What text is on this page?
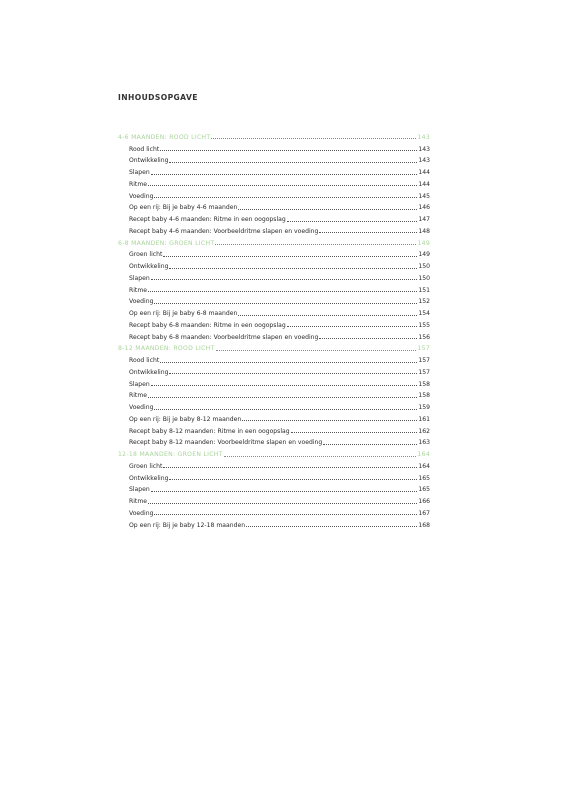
INHOUDSOPGAVE
4-6 MAANDEN: ROOD LICHT	143
Rood licht	143
Ontwikkeling	143
Slapen	144
Ritme	144
Voeding	145
Op een rij: Bij je baby 4-6 maanden	146
Recept baby 4-6 maanden: Ritme in een oogopslag	147
Recept baby 4-6 maanden: Voorbeeldritme slapen en voeding	148
6-8 MAANDEN: GROEN LICHT	149
Groen licht	149
Ontwikkeling	150
Slapen	150
Ritme	151
Voeding	152
Op een rij: Bij je baby 6-8 maanden	154
Recept baby 6-8 maanden: Ritme in een oogopslag	155
Recept baby 6-8 maanden: Voorbeeldritme slapen en voeding	156
8-12 MAANDEN: ROOD LICHT	157
Rood licht	157
Ontwikkeling	157
Slapen	158
Ritme	158
Voeding	159
Op een rij: Bij je baby 8-12 maanden	161
Recept baby 8-12 maanden: Ritme in een oogopslag	162
Recept baby 8-12 maanden: Voorbeeldritme slapen en voeding	163
12-18 MAANDEN: GROEN LICHT	164
Groen licht	164
Ontwikkeling	165
Slapen	165
Ritme	166
Voeding	167
Op een rij: Bij je baby 12-18 maanden	168
